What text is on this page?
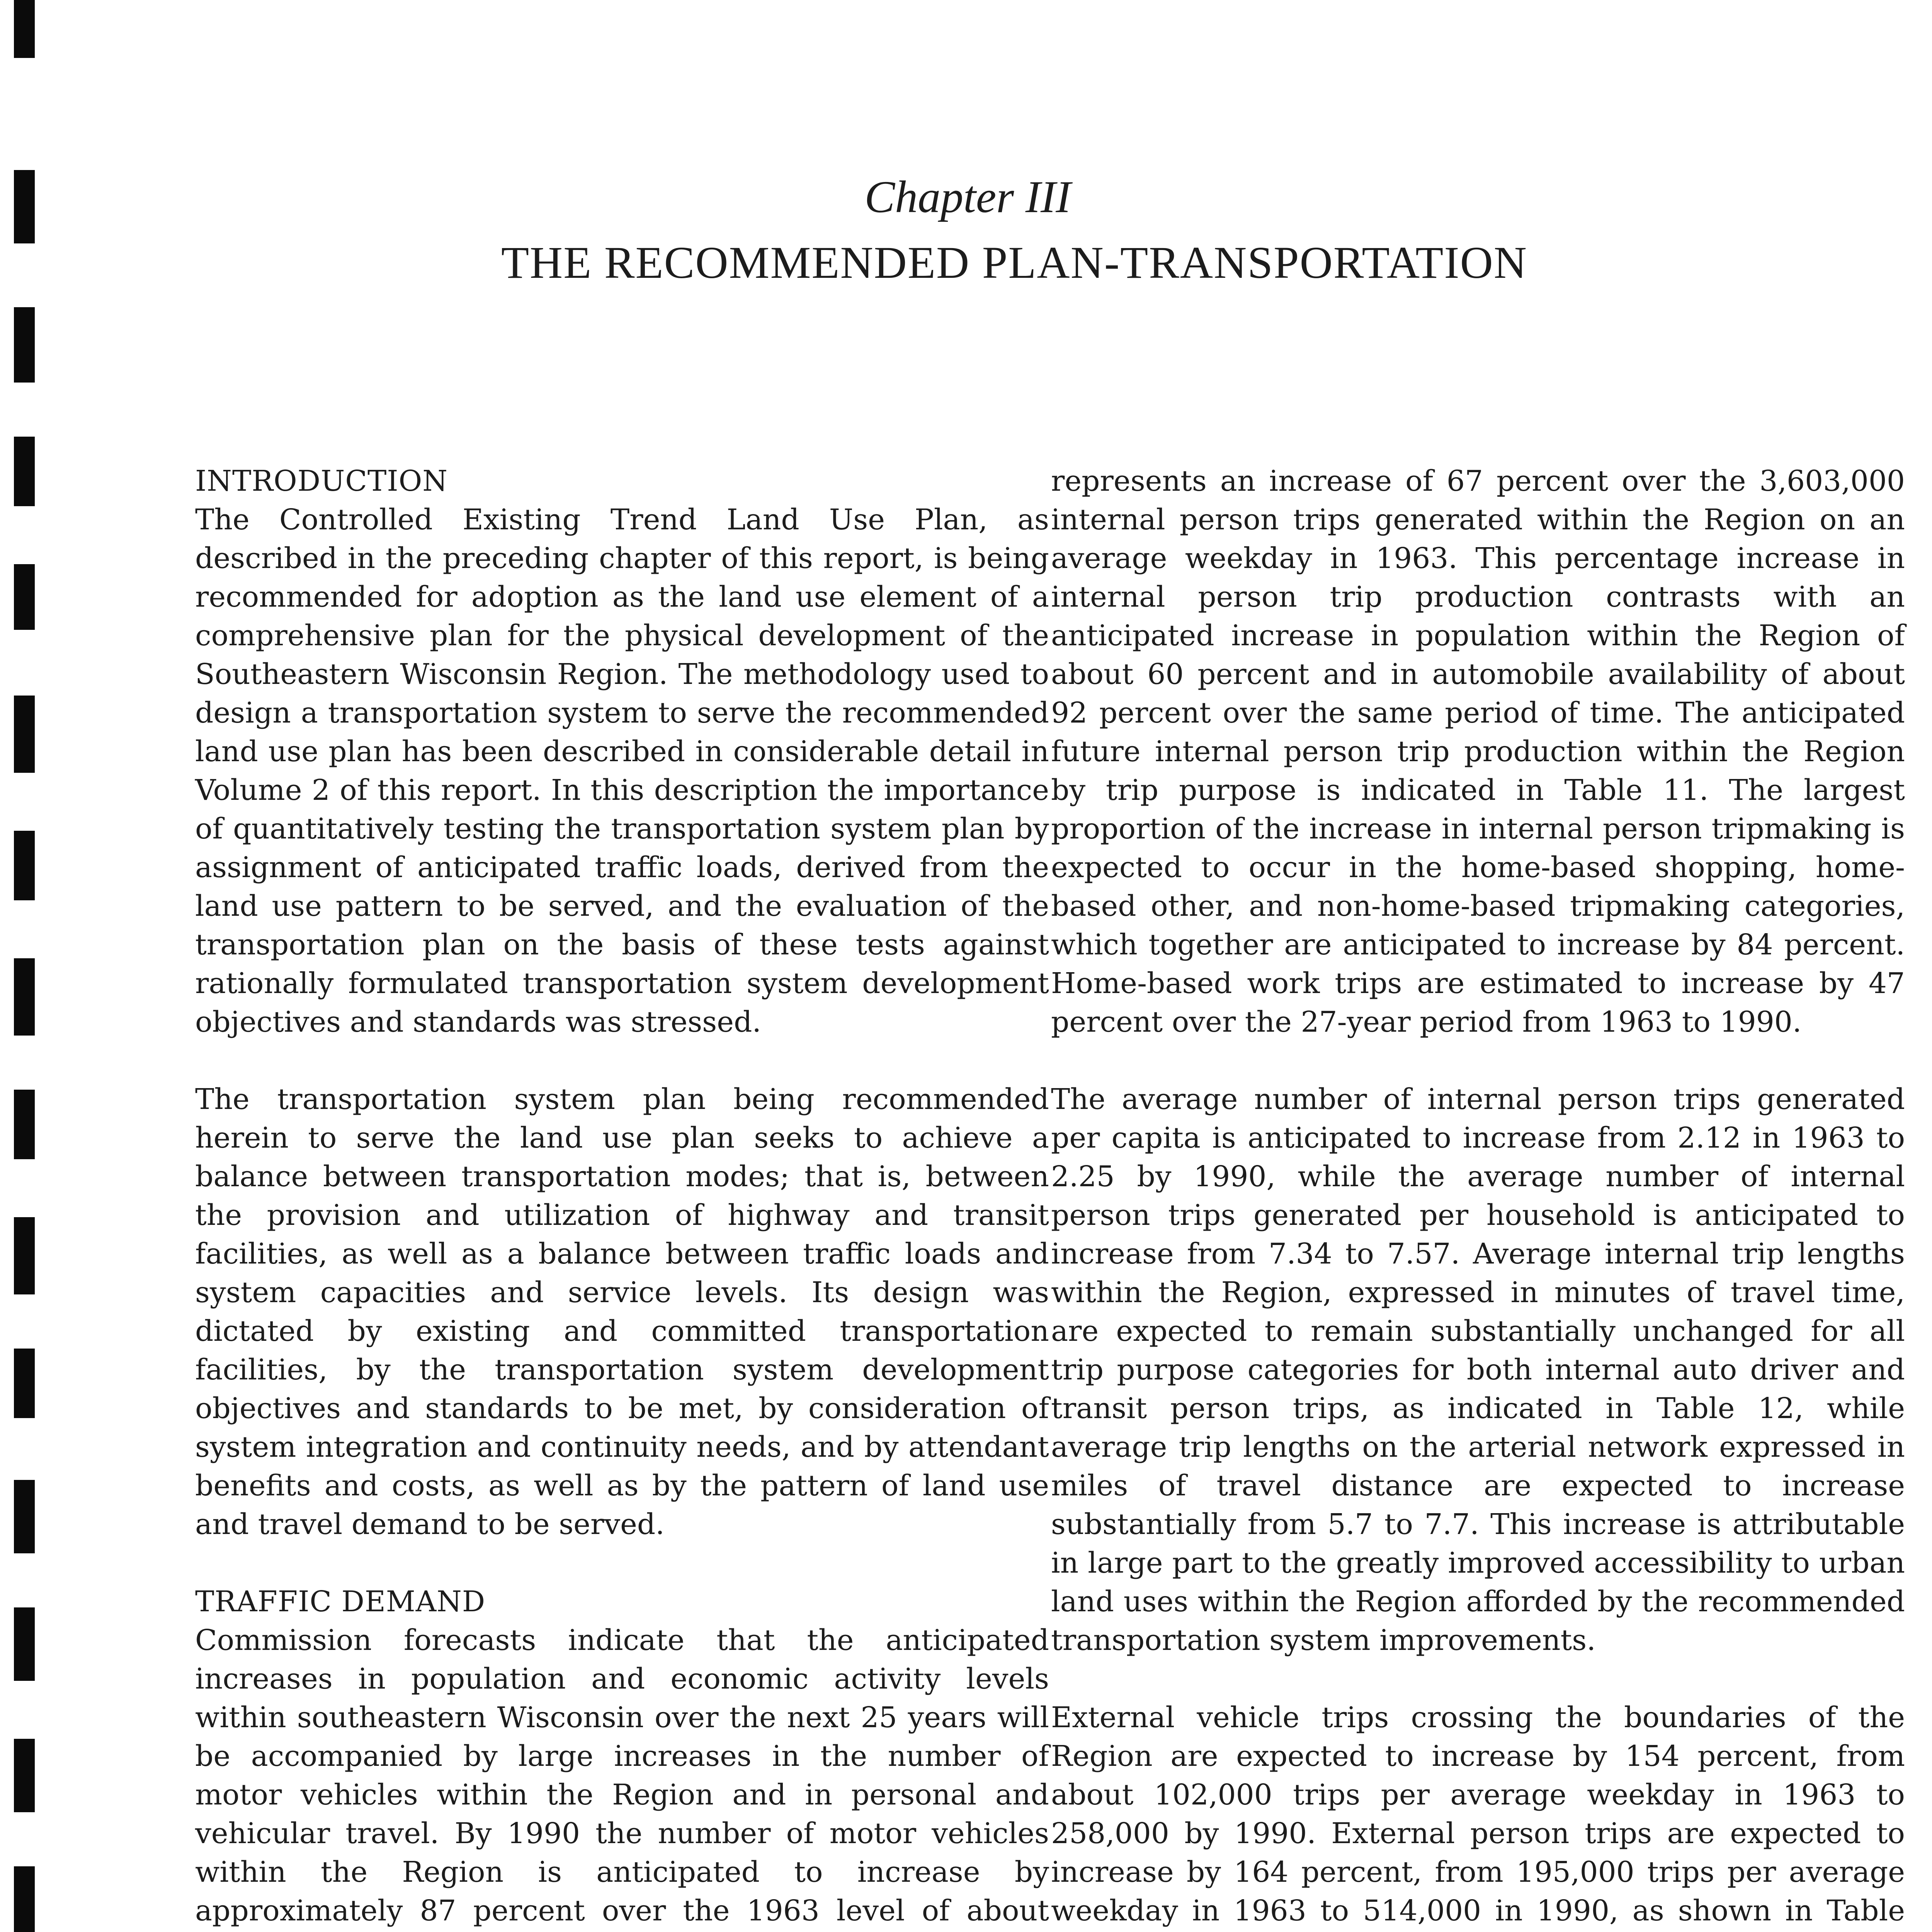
Chapter III
THE RECOMMENDED PLAN-TRANSPORTATION

INTRODUCTION
The Controlled Existing Trend Land Use Plan, as described in the preceding chapter of this report, is being recommended for adoption as the land use element of a comprehensive plan for the physical development of the Southeastern Wisconsin Region. The methodology used to design a transportation system to serve the recommended land use plan has been described in considerable detail in Volume 2 of this report. In this description the importance of quantitatively testing the transportation system plan by assignment of anticipated traffic loads, derived from the land use pattern to be served, and the evaluation of the transportation plan on the basis of these tests against rationally formulated transportation system development objectives and standards was stressed.

The transportation system plan being recommended herein to serve the land use plan seeks to achieve a balance between transportation modes; that is, between the provision and utilization of highway and transit facilities, as well as a balance between traffic loads and system capacities and service levels. Its design was dictated by existing and committed transportation facilities, by the transportation system development objectives and standards to be met, by consideration of system integration and continuity needs, and by attendant benefits and costs, as well as by the pattern of land use and travel demand to be served.

TRAFFIC DEMAND
Commission forecasts indicate that the anticipated increases in population and economic activity levels within southeastern Wisconsin over the next 25 years will be accompanied by large increases in the number of motor vehicles within the Region and in personal and vehicular travel. By 1990 the number of motor vehicles within the Region is anticipated to increase by approximately 87 percent over the 1963 level of about

represents an increase of 67 percent over the 3,603,000 internal person trips generated within the Region on an average weekday in 1963. This percentage increase in internal person trip production contrasts with an anticipated increase in population within the Region of about 60 percent and in automobile availability of about 92 percent over the same period of time. The anticipated future internal person trip production within the Region by trip purpose is indicated in Table 11. The largest proportion of the increase in internal person tripmaking is expected to occur in the home-based shopping, home-based other, and non-home-based tripmaking categories, which together are anticipated to increase by 84 percent. Home-based work trips are estimated to increase by 47 percent over the 27-year period from 1963 to 1990.

The average number of internal person trips generated per capita is anticipated to increase from 2.12 in 1963 to 2.25 by 1990, while the average number of internal person trips generated per household is anticipated to increase from 7.34 to 7.57. Average internal trip lengths within the Region, expressed in minutes of travel time, are expected to remain substantially unchanged for all trip purpose categories for both internal auto driver and transit person trips, as indicated in Table 12, while average trip lengths on the arterial network expressed in miles of travel distance are expected to increase substantially from 5.7 to 7.7. This increase is attributable in large part to the greatly improved accessibility to urban land uses within the Region afforded by the recommended transportation system improvements.

External vehicle trips crossing the boundaries of the Region are expected to increase by 154 percent, from about 102,000 trips per average weekday in 1963 to 258,000 by 1990. External person trips are expected to increase by 164 percent, from 195,000 trips per average weekday in 1963 to 514,000 in 1990, as shown in Table
